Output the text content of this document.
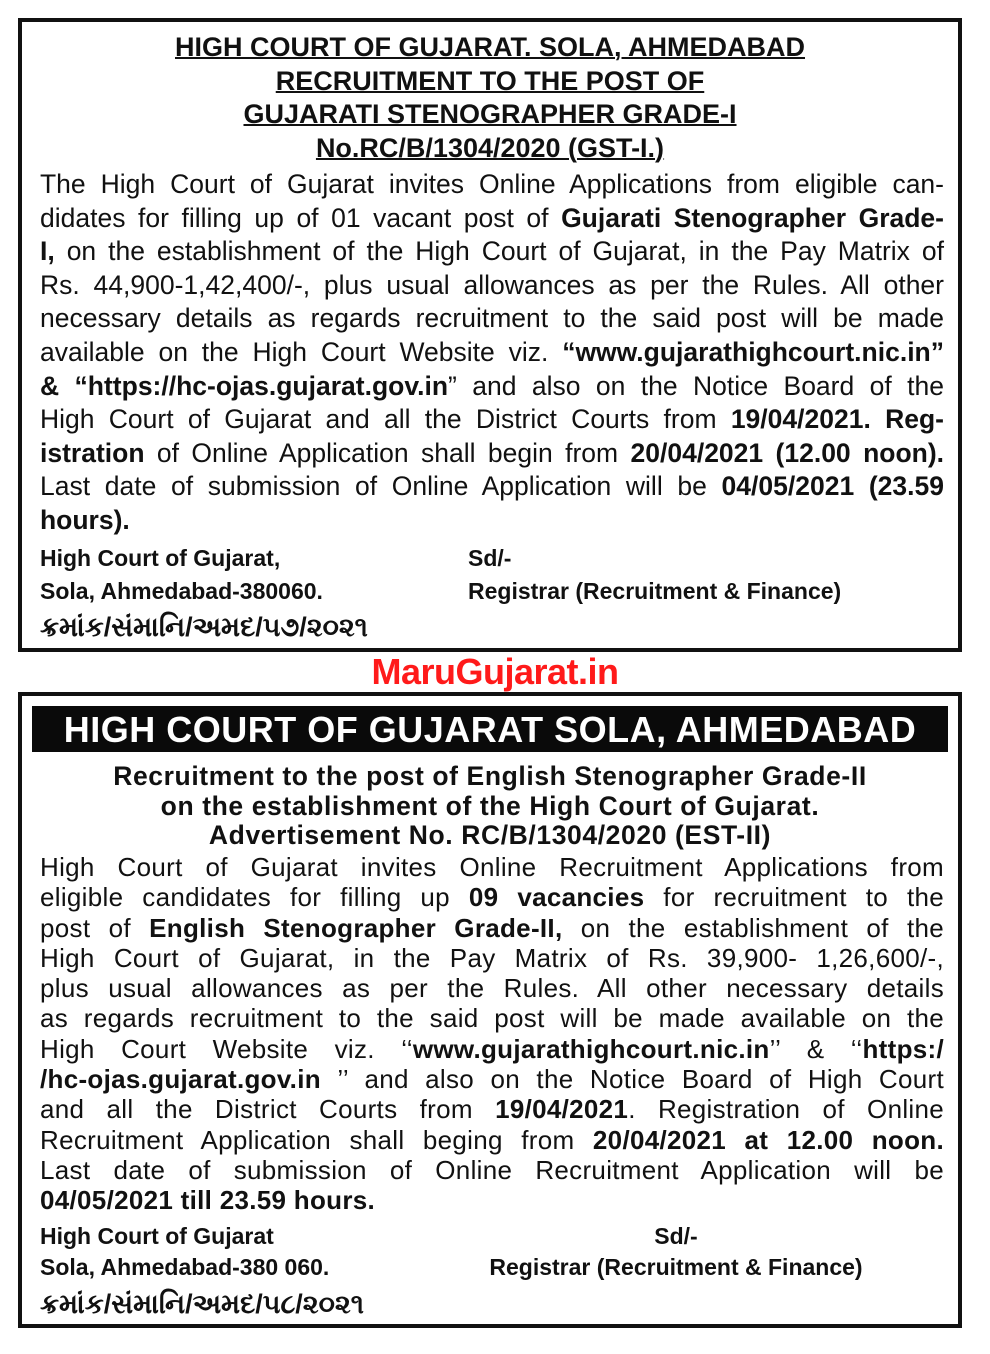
HIGH COURT OF GUJARAT. SOLA, AHMEDABAD
RECRUITMENT TO THE POST OF
GUJARATI STENOGRAPHER GRADE-I
No.RC/B/1304/2020 (GST-I.)
The High Court of Gujarat invites Online Applications from eligible can-
didates for filling up of 01 vacant post of Gujarati Stenographer Grade-
I, on the establishment of the High Court of Gujarat, in the Pay Matrix of
Rs. 44,900-1,42,400/-, plus usual allowances as per the Rules. All other
necessary details as regards recruitment to the said post will be made
available on the High Court Website viz. “www.gujarathighcourt.nic.in”
& “https://hc-ojas.gujarat.gov.in” and also on the Notice Board of the
High Court of Gujarat and all the District Courts from 19/04/2021. Reg-
istration of Online Application shall begin from 20/04/2021 (12.00 noon).
Last date of submission of Online Application will be 04/05/2021 (23.59
hours).
High Court of Gujarat,
Sola, Ahmedabad-380060.
Sd/-
Registrar (Recruitment & Finance)
ક્રમાંક/સંમાનિ/અમદ/૫૭/૨૦૨૧
MaruGujarat.in
HIGH COURT OF GUJARAT SOLA, AHMEDABAD
Recruitment to the post of English Stenographer Grade-II
on the establishment of the High Court of Gujarat.
Advertisement No. RC/B/1304/2020 (EST-II)
High Court of Gujarat invites Online Recruitment Applications from
eligible candidates for filling up 09 vacancies for recruitment to the
post of English Stenographer Grade-II, on the establishment of the
High Court of Gujarat, in the Pay Matrix of Rs. 39,900- 1,26,600/-,
plus usual allowances as per the Rules. All other necessary details
as regards recruitment to the said post will be made available on the
High Court Website viz. ‘‘www.gujarathighcourt.nic.in’’ & ‘‘https:/
/hc-ojas.gujarat.gov.in ’’ and also on the Notice Board of High Court
and all the District Courts from 19/04/2021. Registration of Online
Recruitment Application shall beging from 20/04/2021 at 12.00 noon.
Last date of submission of Online Recruitment Application will be
04/05/2021 till 23.59 hours.
High Court of Gujarat
Sola, Ahmedabad-380 060.
Sd/-
Registrar (Recruitment & Finance)
ક્રમાંક/સંમાનિ/અમદ/૫૮/૨૦૨૧
